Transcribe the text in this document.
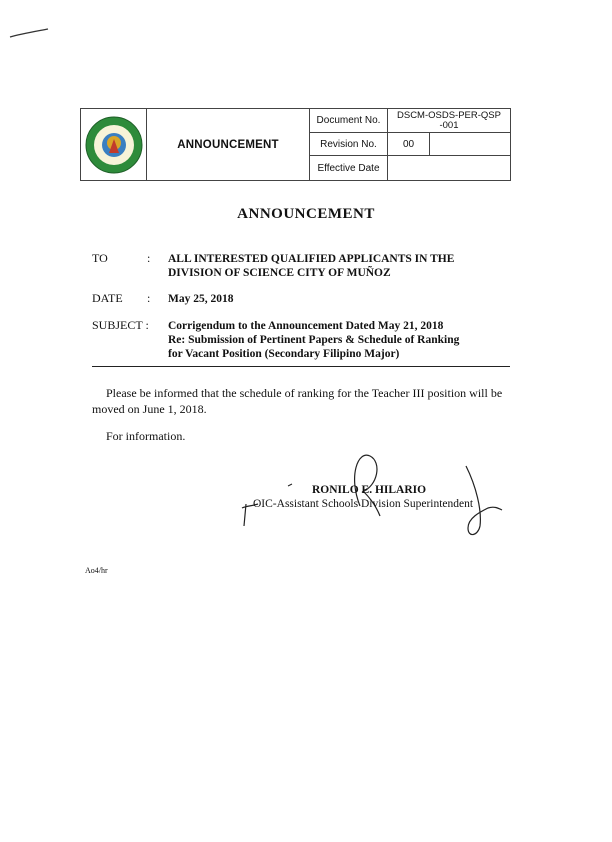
ANNOUNCEMENT
Document No.	DSCM-OSDS-PER-QSP -001
Revision No.	00
Effective Date
ANNOUNCEMENT
TO	: ALL INTERESTED QUALIFIED APPLICANTS IN THE
DIVISION OF SCIENCE CITY OF MUÑOZ
DATE : May 25, 2018
SUBJECT : Corrigendum to the Announcement Dated May 21, 2018
Re: Submission of Pertinent Papers & Schedule of Ranking
for Vacant Position (Secondary Filipino Major)
Please be informed that the schedule of ranking for the Teacher III position will be
moved on June 1, 2018.
For information.
RONILO E. HILARIO
OIC-Assistant Schools Division Superintendent
Ao4/hr
